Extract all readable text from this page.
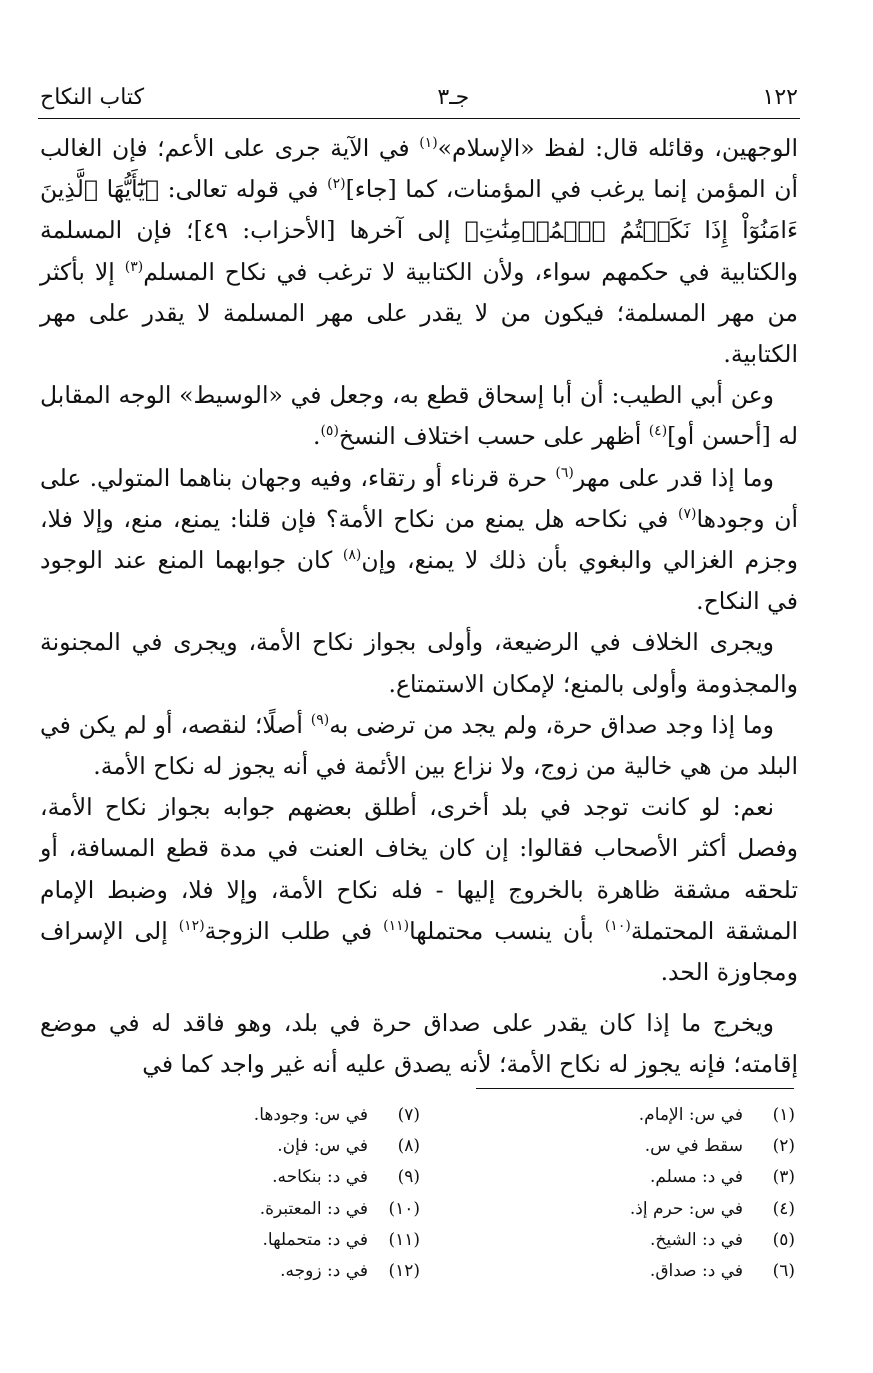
١٢٢
جـ٣
كتاب النكاح

الوجهين، وقائله قال: لفظ «الإسلام»$^{(١)}$ في الآية جرى على الأعم؛ فإن الغالب أن المؤمن إنما يرغب في المؤمنات، كما [جاء]$^{(٢)}$ في قوله تعالى: ﴿يَٰٓأَيُّهَا ٱلَّذِينَ ءَامَنُوٓاْ إِذَا نَكَحۡتُمُ ٱلۡمُؤۡمِنَٰتِ﴾ إلى آخرها [الأحزاب: ٤٩]؛ فإن المسلمة والكتابية في حكمهم سواء، ولأن الكتابية لا ترغب في نكاح المسلم$^{(٣)}$ إلا بأكثر من مهر المسلمة؛ فيكون من لا يقدر على مهر المسلمة لا يقدر على مهر الكتابية.

وعن أبي الطيب: أن أبا إسحاق قطع به، وجعل في «الوسيط» الوجه المقابل له [أحسن أو]$^{(٤)}$ أظهر على حسب اختلاف النسخ$^{(٥)}$.

وما إذا قدر على مهر$^{(٦)}$ حرة قرناء أو رتقاء، وفيه وجهان بناهما المتولي. على أن وجودها$^{(٧)}$ في نكاحه هل يمنع من نكاح الأمة؟ فإن قلنا: يمنع، منع، وإلا فلا، وجزم الغزالي والبغوي بأن ذلك لا يمنع، وإن$^{(٨)}$ كان جوابهما المنع عند الوجود في النكاح.

ويجرى الخلاف في الرضيعة، وأولى بجواز نكاح الأمة، ويجرى في المجنونة والمجذومة وأولى بالمنع؛ لإمكان الاستمتاع.

وما إذا وجد صداق حرة، ولم يجد من ترضى به$^{(٩)}$ أصلًا؛ لنقصه، أو لم يكن في البلد من هي خالية من زوج، ولا نزاع بين الأئمة في أنه يجوز له نكاح الأمة.

نعم: لو كانت توجد في بلد أخرى، أطلق بعضهم جوابه بجواز نكاح الأمة، وفصل أكثر الأصحاب فقالوا: إن كان يخاف العنت في مدة قطع المسافة، أو تلحقه مشقة ظاهرة بالخروج إليها - فله نكاح الأمة، وإلا فلا، وضبط الإمام المشقة المحتملة$^{(١٠)}$ بأن ينسب محتملها$^{(١١)}$ في طلب الزوجة$^{(١٢)}$ إلى الإسراف ومجاوزة الحد.

ويخرج ما إذا كان يقدر على صداق حرة في بلد، وهو فاقد له في موضع إقامته؛ فإنه يجوز له نكاح الأمة؛ لأنه يصدق عليه أنه غير واجد كما في

(١)
في س: الإمام.
(٢)
سقط في س.
(٣)
في د: مسلم.
(٤)
في س: حرم إذ.
(٥)
في د: الشيخ.
(٦)
في د: صداق.
(٧)
في س: وجودها.
(٨)
في س: فإن.
(٩)
في د: بنكاحه.
(١٠)
في د: المعتبرة.
(١١)
في د: متحملها.
(١٢)
في د: زوجه.
